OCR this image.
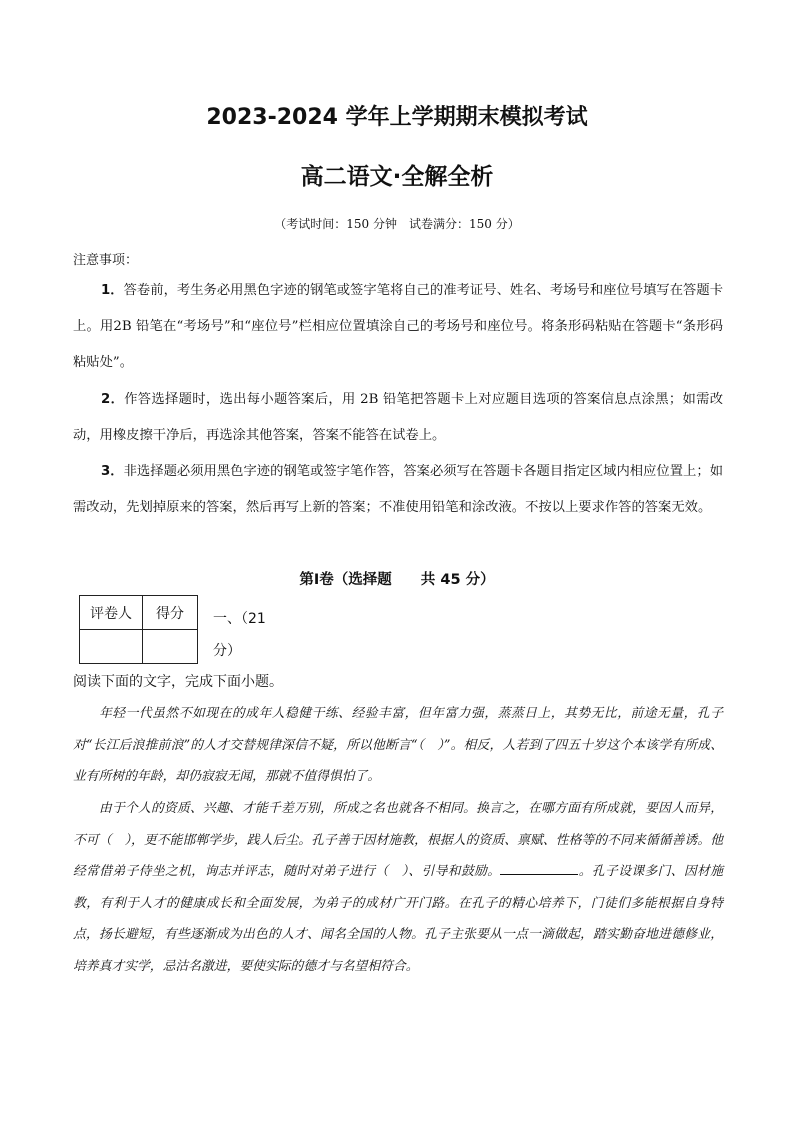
2023-2024 学年上学期期末模拟考试
高二语文·全解全析
（考试时间：150 分钟　试卷满分：150 分）
注意事项：
1．答卷前，考生务必用黑色字迹的钢笔或签字笔将自己的准考证号、姓名、考场号和座位号填写在答题卡上。用2B 铅笔在“考场号”和“座位号”栏相应位置填涂自己的考场号和座位号。将条形码粘贴在答题卡“条形码粘贴处”。
2．作答选择题时，选出每小题答案后，用 2B 铅笔把答题卡上对应题目选项的答案信息点涂黑；如需改动，用橡皮擦干净后，再选涂其他答案，答案不能答在试卷上。
3．非选择题必须用黑色字迹的钢笔或签字笔作答，答案必须写在答题卡各题目指定区域内相应位置上；如需改动，先划掉原来的答案，然后再写上新的答案；不准使用铅笔和涂改液。不按以上要求作答的答案无效。
第Ⅰ卷（选择题　　共 45 分）
评卷人	得分
	一、（21
分）
阅读下面的文字，完成下面小题。
年轻一代虽然不如现在的成年人稳健干练、经验丰富，但年富力强，蒸蒸日上，其势无比，前途无量，孔子对“长江后浪推前浪”的人才交替规律深信不疑，所以他断言“（　）”。相反，人若到了四五十岁这个本该学有所成、业有所树的年龄，却仍寂寂无闻，那就不值得惧怕了。
由于个人的资质、兴趣、才能千差万别，所成之名也就各不相同。换言之，在哪方面有所成就，要因人而异，不可（　），更不能邯郸学步，践人后尘。孔子善于因材施教，根据人的资质、禀赋、性格等的不同来循循善诱。他经常借弟子侍坐之机，询志并评志，随时对弟子进行（　）、引导和鼓励。	。孔子设课多门、因材施教，有利于人才的健康成长和全面发展，为弟子的成材广开门路。在孔子的精心培养下，门徒们多能根据自身特点，扬长避短，有些逐渐成为出色的人才、闻名全国的人物。孔子主张要从一点一滴做起，踏实勤奋地进德修业，培养真才实学，忌沽名激进，要使实际的德才与名望相符合。
